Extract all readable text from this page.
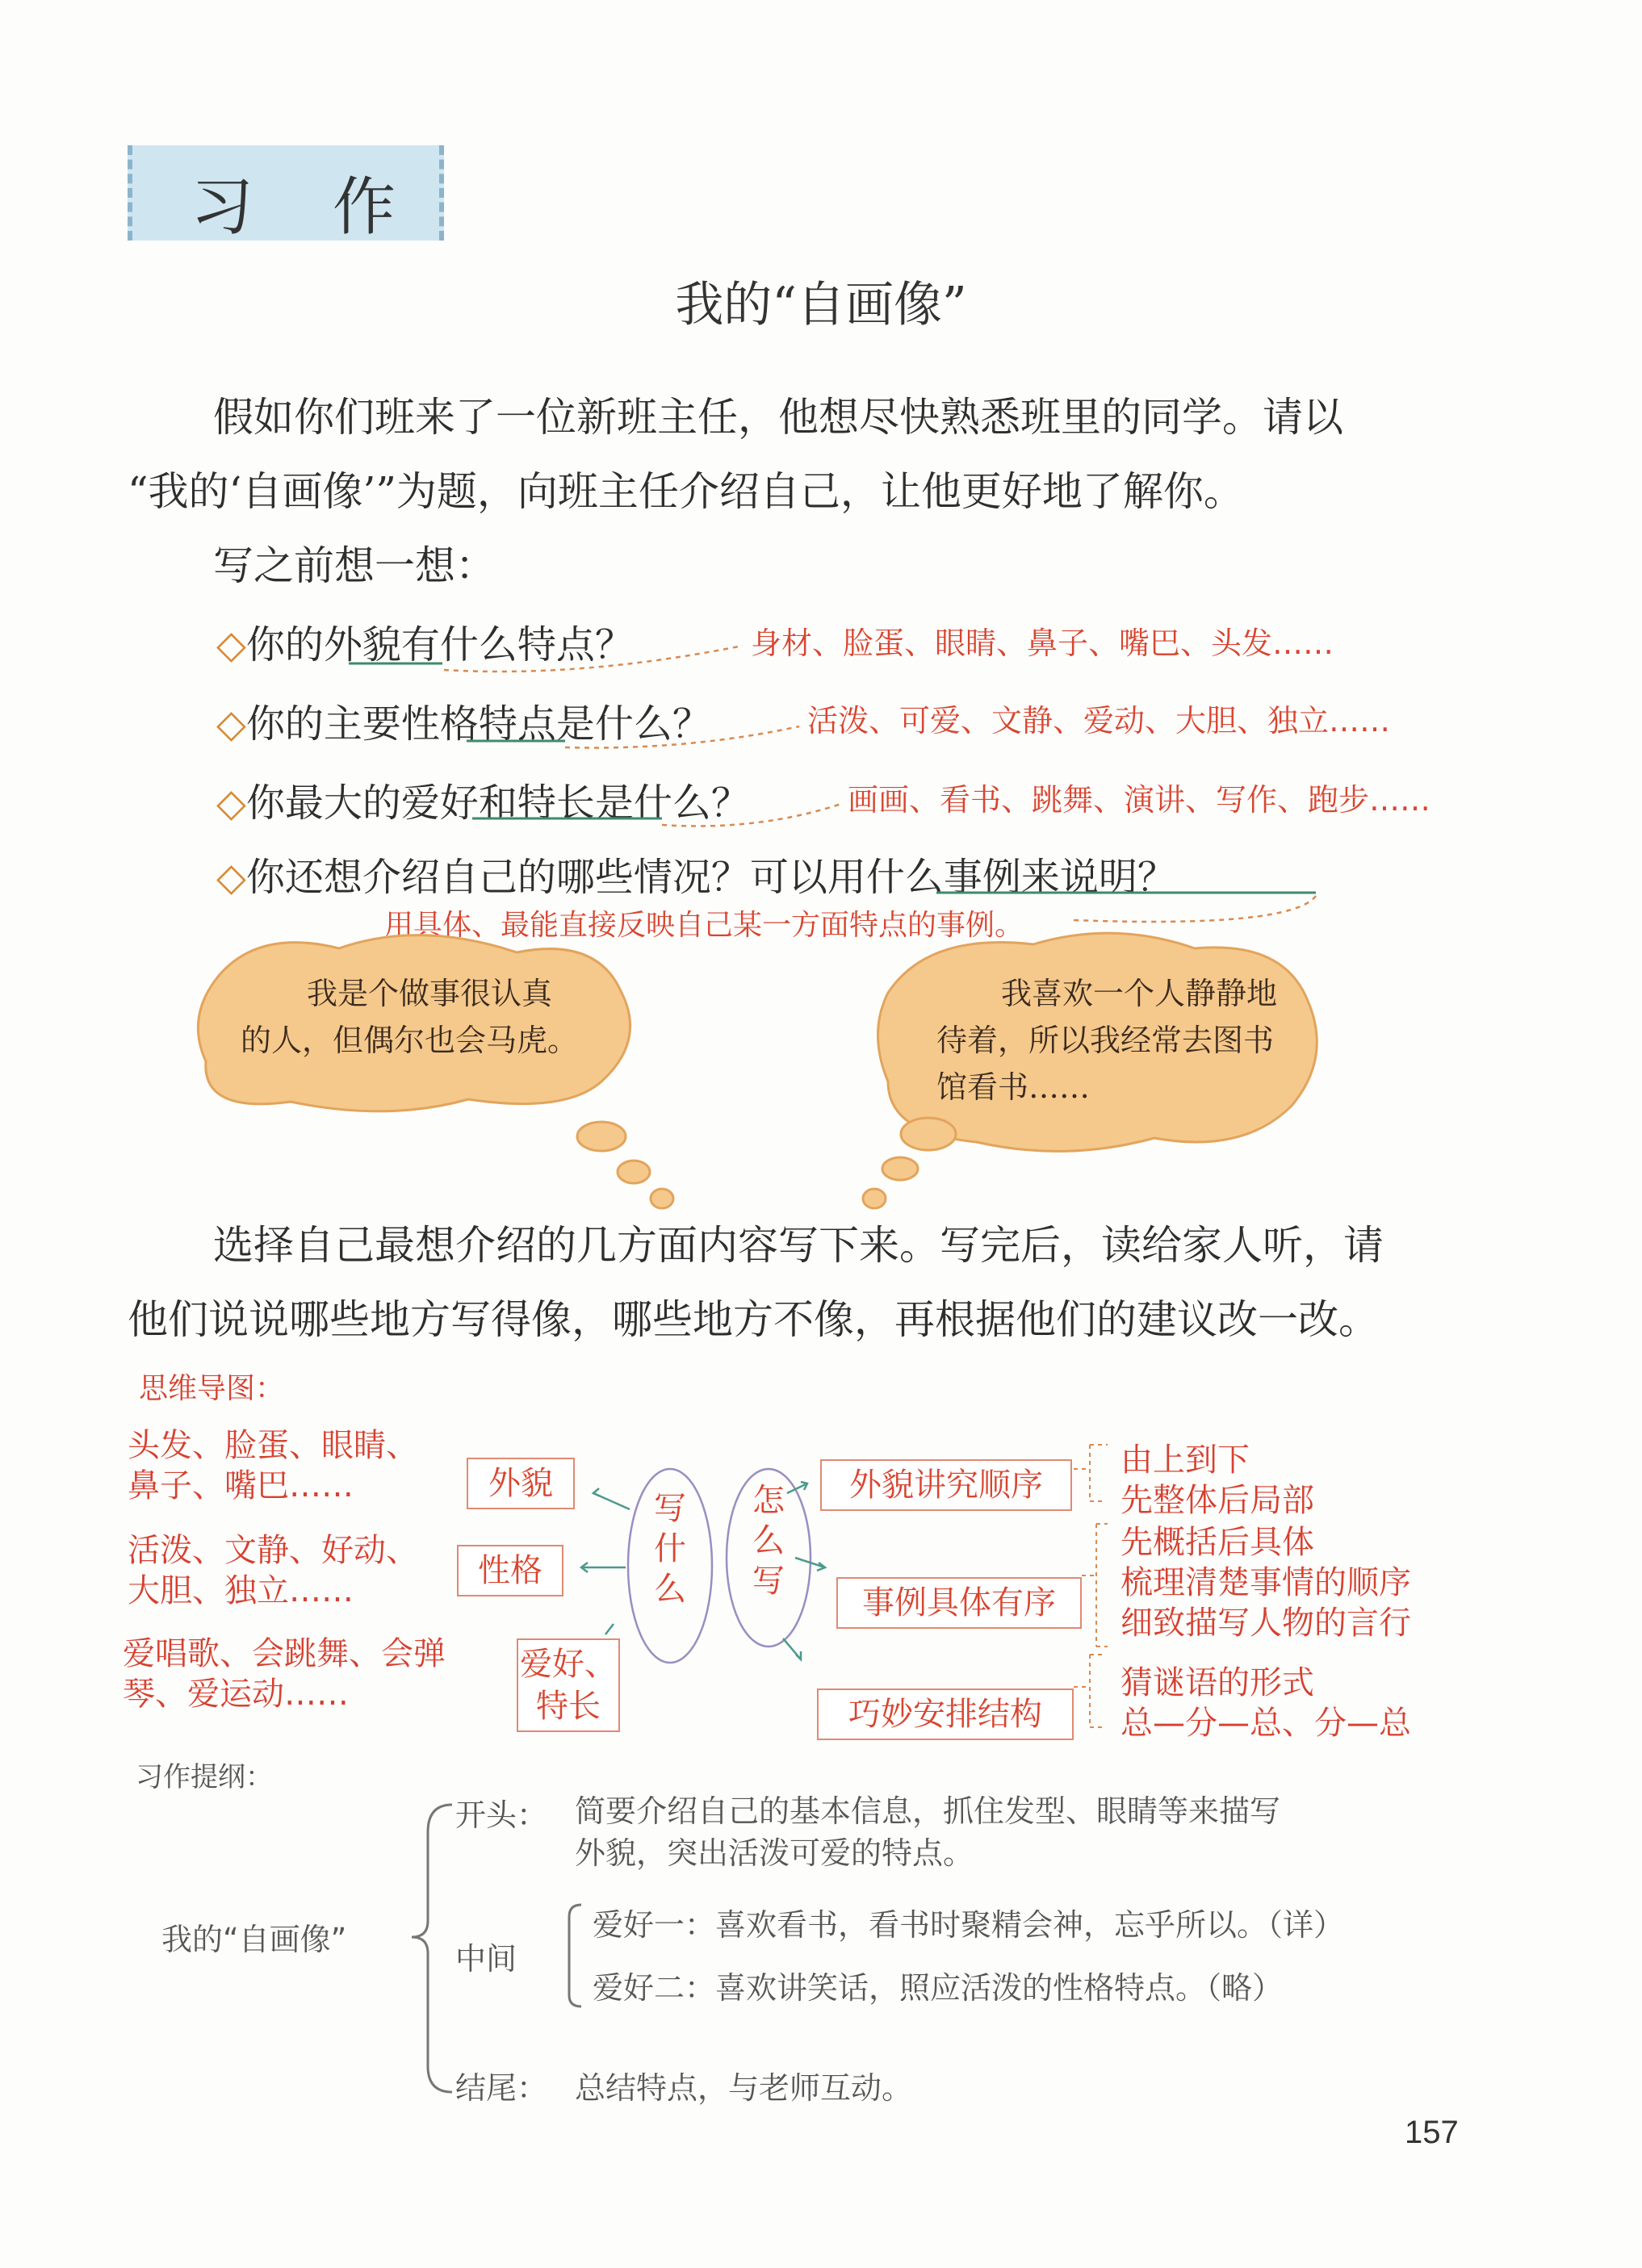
习 作
我的“自画像”
假如你们班来了一位新班主任，他想尽快熟悉班里的同学。请以
“我的‘自画像’”为题，向班主任介绍自己，让他更好地了解你。
写之前想一想：
◇你的外貌有什么特点？	身材、脸蛋、眼睛、鼻子、嘴巴、头发……
◇你的主要性格特点是什么？	活泼、可爱、文静、爱动、大胆、独立……
◇你最大的爱好和特长是什么？	画画、看书、跳舞、演讲、写作、跑步……
◇你还想介绍自己的哪些情况？可以用什么事例来说明？
用具体、最能直接反映自己某一方面特点的事例。
我是个做事很认真
的人，但偶尔也会马虎。
我喜欢一个人静静地
待着，所以我经常去图书
馆看书……
选择自己最想介绍的几方面内容写下来。写完后，读给家人听，请
他们说说哪些地方写得像，哪些地方不像，再根据他们的建议改一改。
思维导图：
头发、脸蛋、眼睛、
鼻子、嘴巴……
活泼、文静、好动、
大胆、独立……
爱唱歌、会跳舞、会弹
琴、爱运动……
外貌
性格
爱好、特长
写什么
怎么写
外貌讲究顺序
事例具体有序
巧妙安排结构
由上到下
先整体后局部
先概括后具体
梳理清楚事情的顺序
细致描写人物的言行
猜谜语的形式
总—分—总、分—总
习作提纲：
我的“自画像”
开头： 简要介绍自己的基本信息，抓住发型、眼睛等来描写
外貌，突出活泼可爱的特点。
中间
爱好一：喜欢看书，看书时聚精会神，忘乎所以。（详）
爱好二：喜欢讲笑话，照应活泼的性格特点。（略）
结尾： 总结特点，与老师互动。
157
